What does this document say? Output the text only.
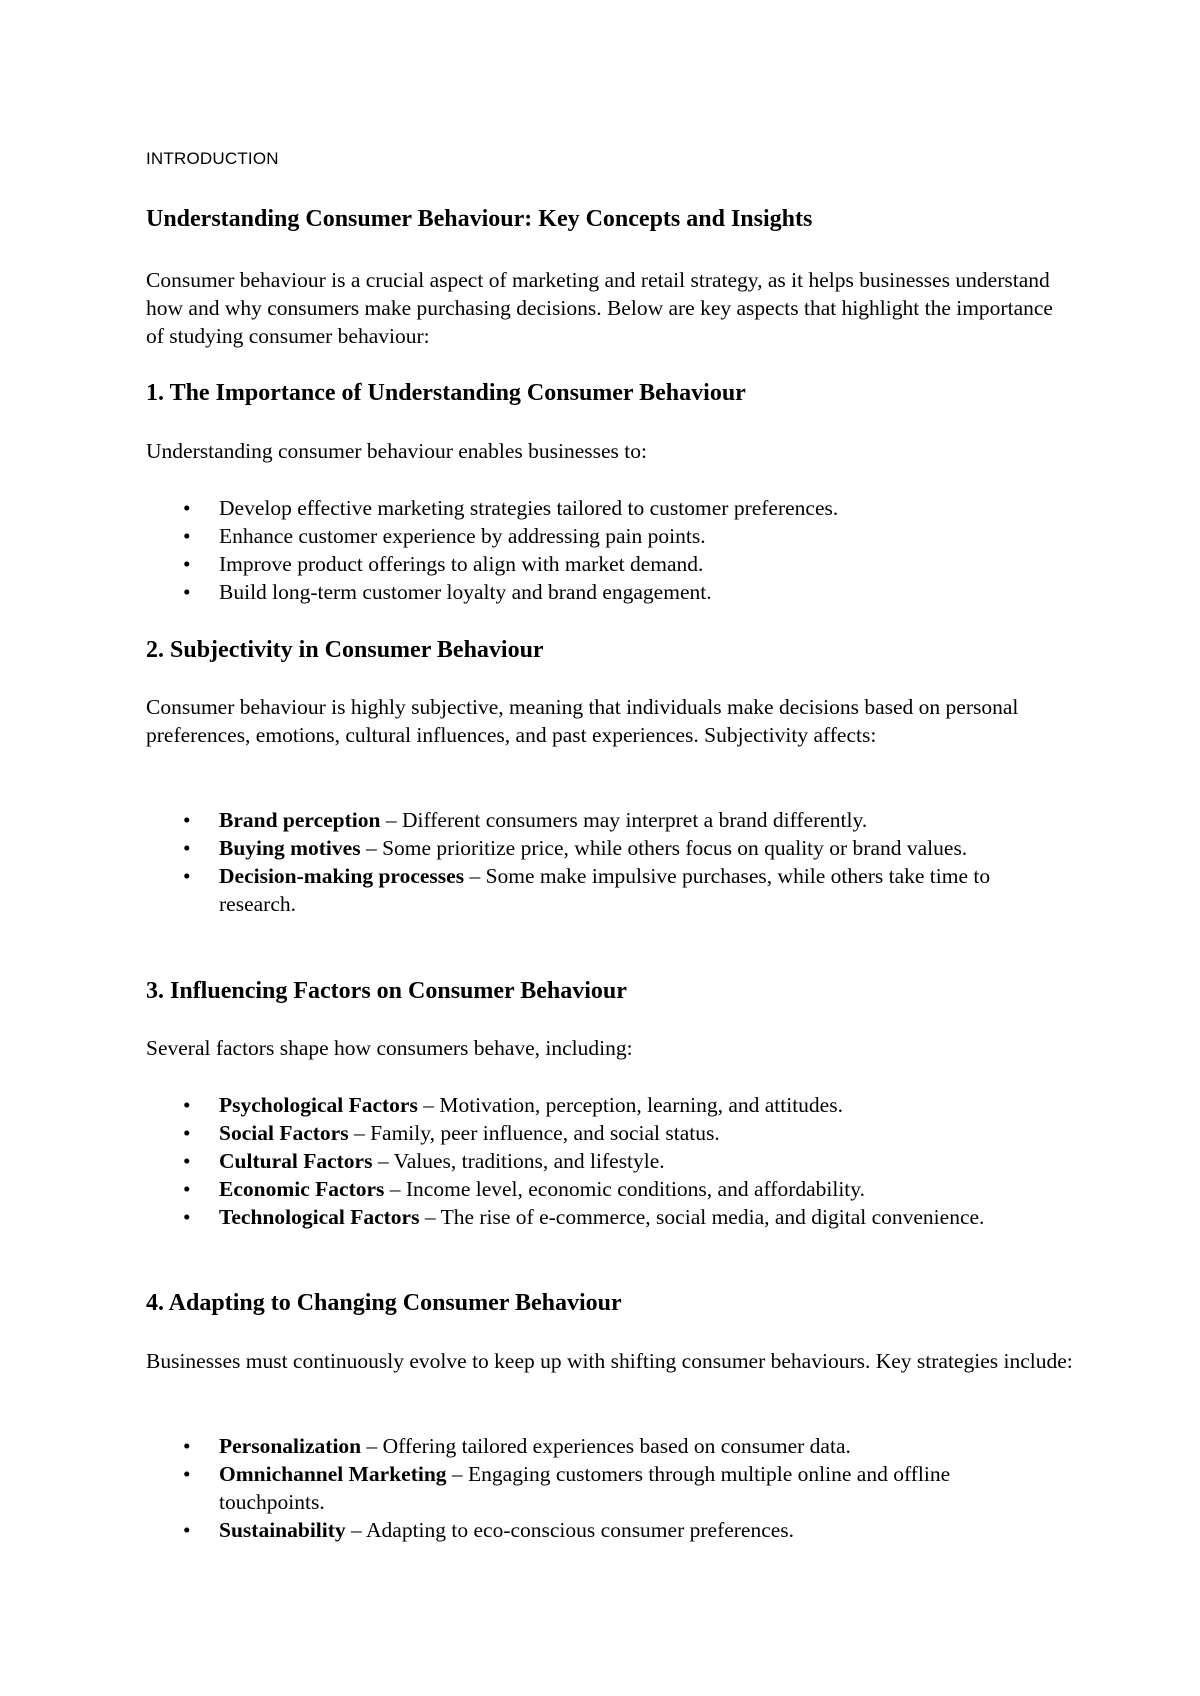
INTRODUCTION
Understanding Consumer Behaviour: Key Concepts and Insights

Consumer behaviour is a crucial aspect of marketing and retail strategy, as it helps businesses understand how and why consumers make purchasing decisions. Below are key aspects that highlight the importance of studying consumer behaviour:

1. The Importance of Understanding Consumer Behaviour

Understanding consumer behaviour enables businesses to:

• Develop effective marketing strategies tailored to customer preferences.
• Enhance customer experience by addressing pain points.
• Improve product offerings to align with market demand.
• Build long-term customer loyalty and brand engagement.
2. Subjectivity in Consumer Behaviour

Consumer behaviour is highly subjective, meaning that individuals make decisions based on personal preferences, emotions, cultural influences, and past experiences. Subjectivity affects:

• Brand perception – Different consumers may interpret a brand differently.
• Buying motives – Some prioritize price, while others focus on quality or brand values.
• Decision-making processes – Some make impulsive purchases, while others take time to research.
3. Influencing Factors on Consumer Behaviour

Several factors shape how consumers behave, including:

• Psychological Factors – Motivation, perception, learning, and attitudes.
• Social Factors – Family, peer influence, and social status.
• Cultural Factors – Values, traditions, and lifestyle.
• Economic Factors – Income level, economic conditions, and affordability.
• Technological Factors – The rise of e-commerce, social media, and digital convenience.
4. Adapting to Changing Consumer Behaviour

Businesses must continuously evolve to keep up with shifting consumer behaviours. Key strategies include:

• Personalization – Offering tailored experiences based on consumer data.
• Omnichannel Marketing – Engaging customers through multiple online and offline touchpoints.
• Sustainability – Adapting to eco-conscious consumer preferences.
